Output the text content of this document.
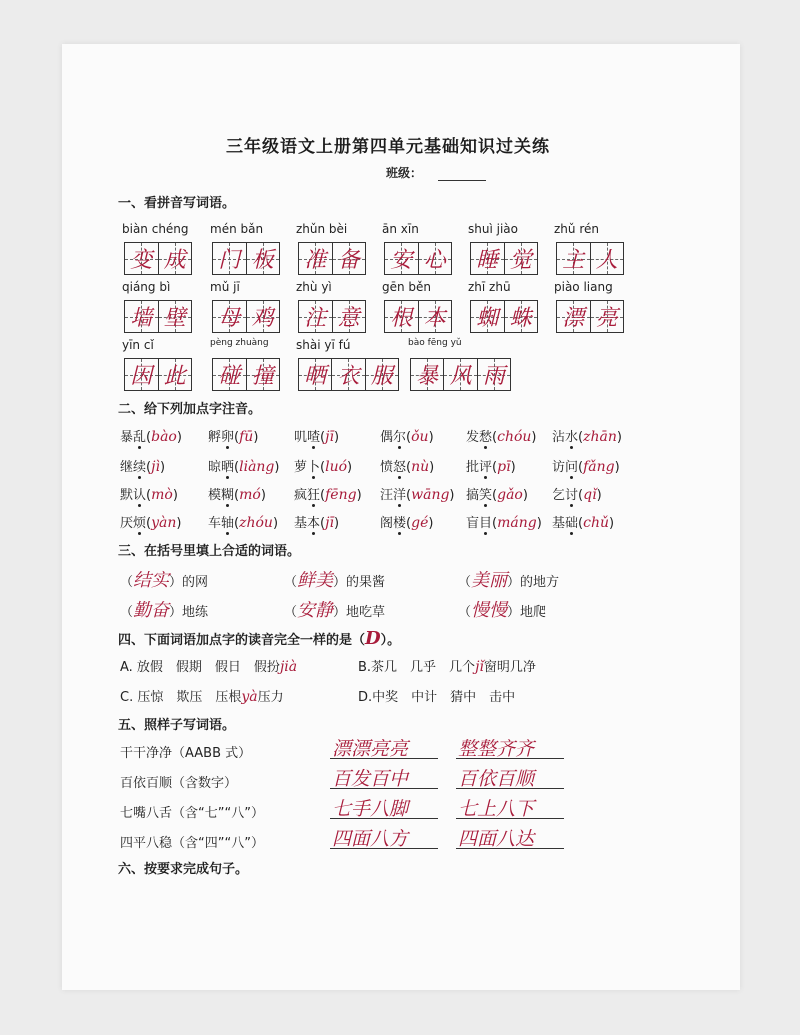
三年级语文上册第四单元基础知识过关练
班级：
一、看拼音写词语。
biàn chéng
变 成
mén bǎn
门 板
zhǔn bèi
准 备
ān xīn
安 心
shuì jiào
睡 觉
zhǔ rén
主 人
qiáng bì
墙 壁
mǔ jī
母 鸡
zhù yì
注 意
gēn běn
根 本
zhī zhū
蜘 蛛
piào liang
漂 亮
yīn cǐ
因 此
pèng zhuàng
碰 撞
shài yī fú
晒 衣 服
bào fēng yǔ
暴 风 雨
二、给下列加点字注音。
暴乱(bào) 孵卵(fū)	叽喳(jī)	偶尔(ǒu) 发愁(chóu) 沾水(zhān)
继续(jì)	晾晒(liàng) 萝卜(luó) 愤怒(nù) 批评(pī)	访问(fǎng)
默认(mò) 模糊(mó) 疯狂(fēng) 汪洋(wāng) 搞笑(gǎo) 乞讨(qǐ)
厌烦(yàn) 车轴(zhóu) 基本(jī)	阁楼(gé)	盲目(máng) 基础(chǔ)
三、在括号里填上合适的词语。
（结实）的网	（鲜美）的果酱	（美丽）的地方
（勤奋）地练	（安静）地吃草	（慢慢）地爬
四、下面词语加点字的读音完全一样的是（D）。
A. 放假　假期　假日　假扮jià	B.茶几　几乎　几个jǐ窗明几净
C. 压惊　欺压　压根yà压力	D.中奖　中计　猜中　击中
五、照样子写词语。
干干净净（AABB 式）	漂漂亮亮	整整齐齐
百依百顺（含数字）	百发百中	百依百顺
七嘴八舌（含“七”“八”）	七手八脚	七上八下
四平八稳（含“四”“八”）	四面八方	四面八达
六、按要求完成句子。
